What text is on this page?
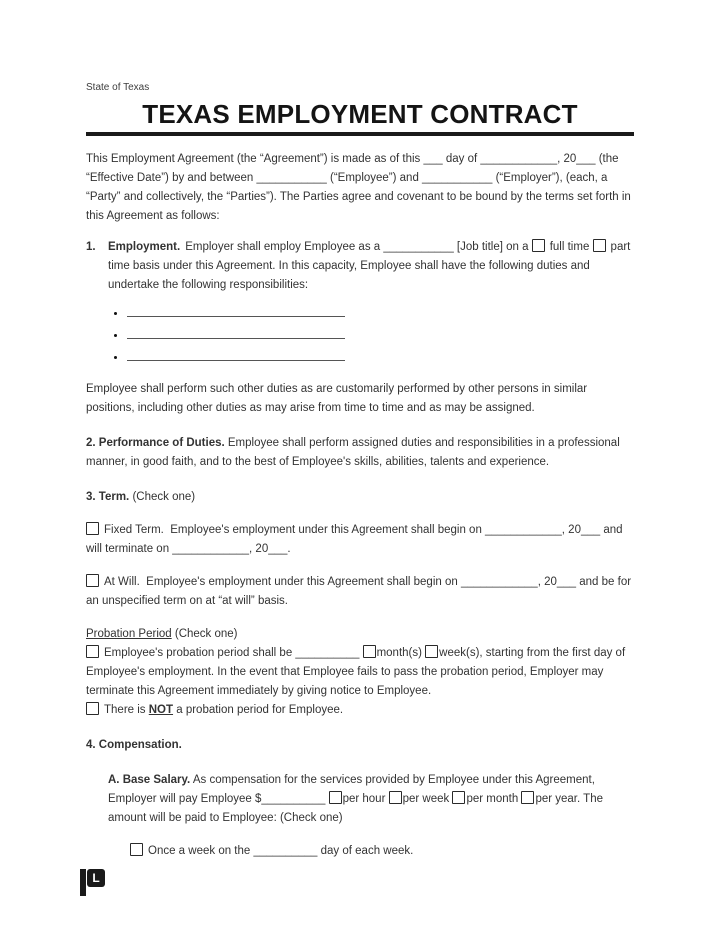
State of Texas
TEXAS EMPLOYMENT CONTRACT

This Employment Agreement (the “Agreement”) is made as of this ___ day of ____________, 20___ (the “Effective Date”) by and between ___________ (“Employee”) and ___________ (“Employer”), (each, a “Party” and collectively, the “Parties”). The Parties agree and covenant to be bound by the terms set forth in this Agreement as follows:

1. Employment. Employer shall employ Employee as a ___________ [Job title] on a full time part time basis under this Agreement. In this capacity, Employee shall have the following duties and undertake the following responsibilities:
•
•
•

Employee shall perform such other duties as are customarily performed by other persons in similar positions, including other duties as may arise from time to time and as may be assigned.

2. Performance of Duties. Employee shall perform assigned duties and responsibilities in a professional manner, in good faith, and to the best of Employee's skills, abilities, talents and experience.

3. Term. (Check one)

Fixed Term.  Employee's employment under this Agreement shall begin on ____________, 20___ and will terminate on ____________, 20___.

At Will.  Employee's employment under this Agreement shall begin on ____________, 20___ and be for an unspecified term on at “at will” basis.

Probation Period (Check one)

Employee's probation period shall be __________ month(s) week(s), starting from the first day of Employee's employment. In the event that Employee fails to pass the probation period, Employer may terminate this Agreement immediately by giving notice to Employee.

There is NOT a probation period for Employee.

4. Compensation.

A. Base Salary. As compensation for the services provided by Employee under this Agreement, Employer will pay Employee $__________ per hour per week per month per year. The amount will be paid to Employee: (Check one)

Once a week on the __________ day of each week.

L
